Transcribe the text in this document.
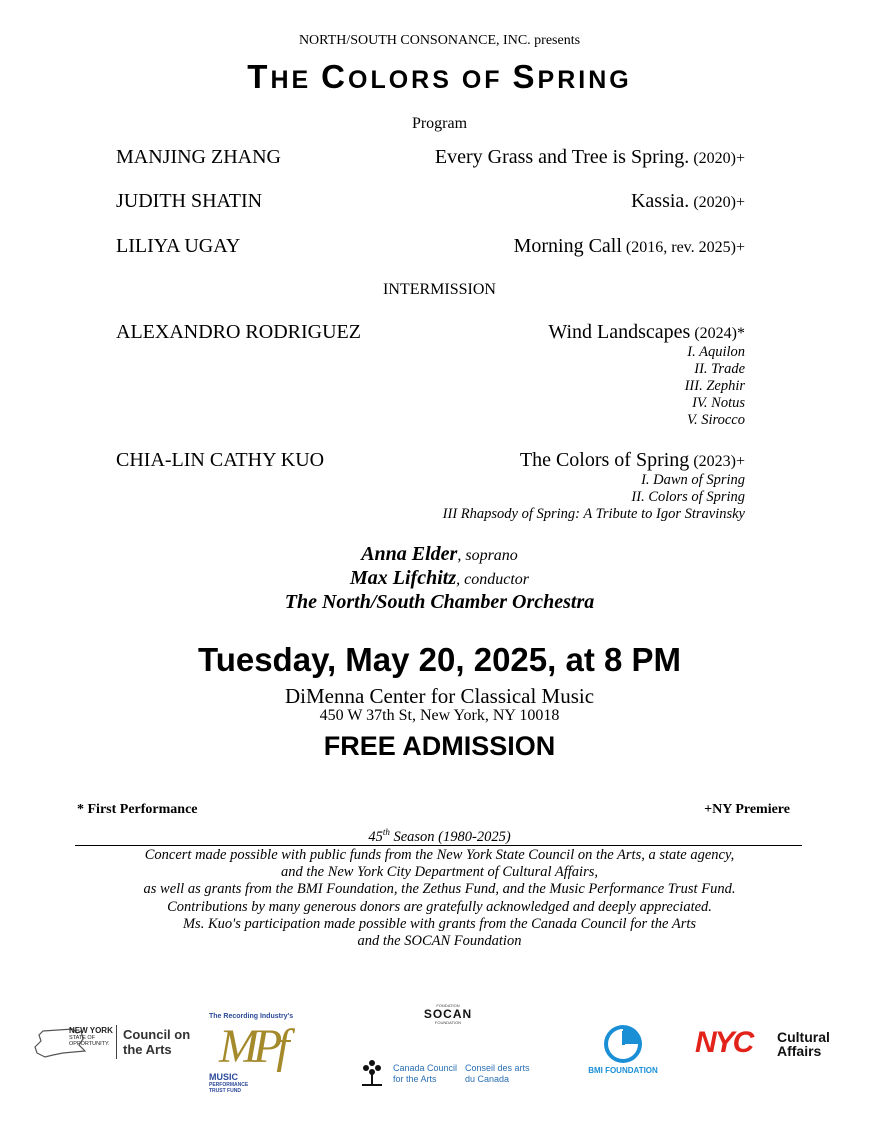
NORTH/SOUTH CONSONANCE, INC. presents
THE COLORS OF SPRING
Program
MANJING ZHANG	Every Grass and Tree is Spring. (2020)+
JUDITH SHATIN	Kassia. (2020)+
LILIYA UGAY	Morning Call (2016, rev. 2025)+
INTERMISSION
ALEXANDRO RODRIGUEZ	Wind Landscapes (2024)*
I. Aquilon
II. Trade
III. Zephir
IV. Notus
V. Sirocco
CHIA-LIN CATHY KUO	The Colors of Spring (2023)+
I. Dawn of Spring
II. Colors of Spring
III Rhapsody of Spring: A Tribute to Igor Stravinsky
Anna Elder, soprano
Max Lifchitz, conductor
The North/South Chamber Orchestra
Tuesday, May 20, 2025, at 8 PM
DiMenna Center for Classical Music
450 W 37th St, New York, NY 10018
FREE ADMISSION
* First Performance	+NY Premiere
45th Season (1980-2025)
Concert made possible with public funds from the New York State Council on the Arts, a state agency,
and the New York City Department of Cultural Affairs,
as well as grants from the BMI Foundation, the Zethus Fund, and the Music Performance Trust Fund.
Contributions by many generous donors are gratefully acknowledged and deeply appreciated.
Ms. Kuo's participation made possible with grants from the Canada Council for the Arts
and the SOCAN Foundation
NEW YORK
STATE OF
OPPORTUNITY.
Council on
the Arts
The Recording Industry's
MPf
MUSIC
PERFORMANCE
TRUST FUND
FONDATION
SOCAN
FOUNDATION
Canada Council
for the Arts
Conseil des arts
du Canada
BMI FOUNDATION
NYC Cultural
Affairs
